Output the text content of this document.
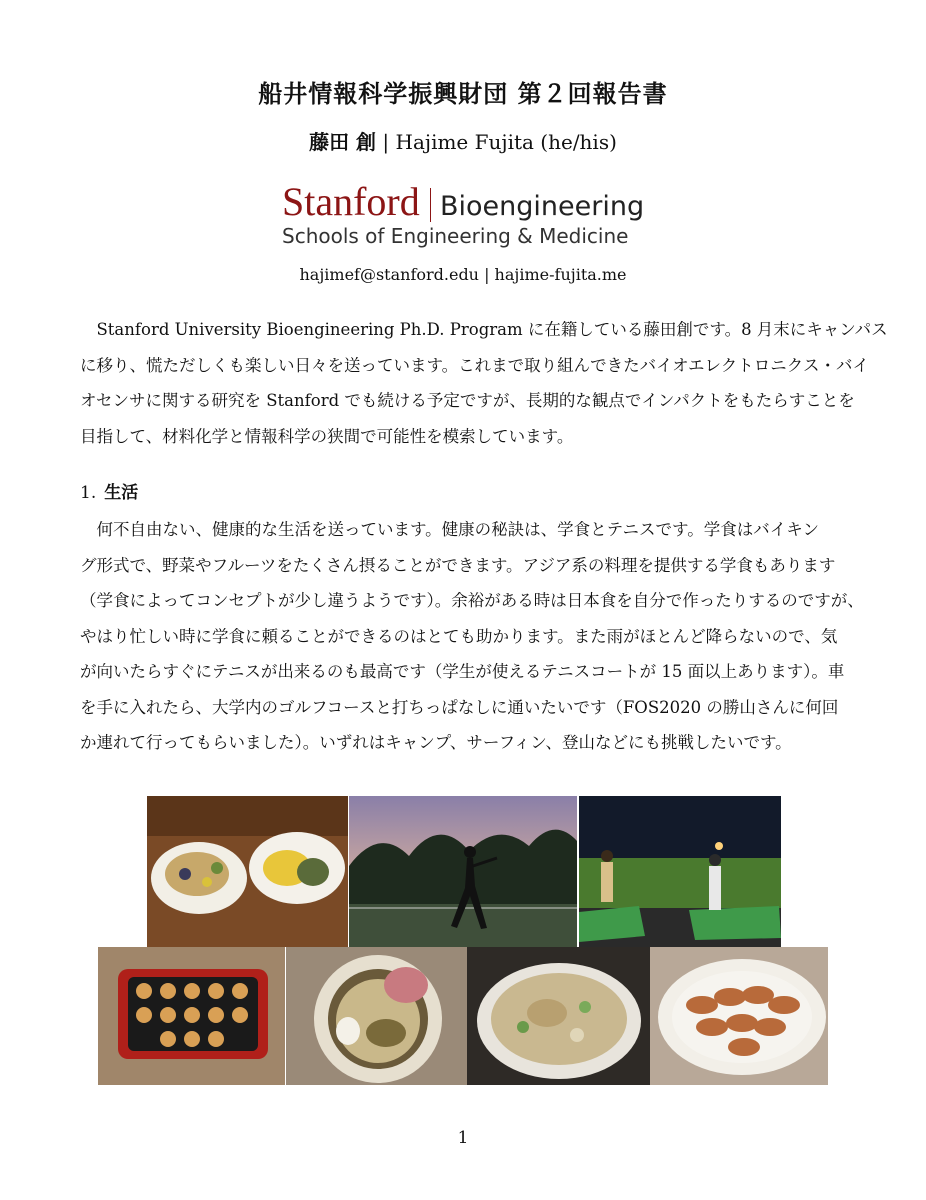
船井情報科学振興財団 第２回報告書
藤田 創 | Hajime Fujita (he/his)
Stanford Bioengineering
Schools of Engineering & Medicine
hajimef@stanford.edu | hajime-fujita.me
　Stanford University Bioengineering Ph.D. Program に在籍している藤田創です。8 月末にキャンパス
に移り、慌ただしくも楽しい日々を送っています。これまで取り組んできたバイオエレクトロニクス・バイ
オセンサに関する研究を Stanford でも続ける予定ですが、長期的な観点でインパクトをもたらすことを
目指して、材料化学と情報科学の狭間で可能性を模索しています。
1. 生活
　何不自由ない、健康的な生活を送っています。健康の秘訣は、学食とテニスです。学食はバイキン
グ形式で、野菜やフルーツをたくさん摂ることができます。アジア系の料理を提供する学食もあります
（学食によってコンセプトが少し違うようです）。余裕がある時は日本食を自分で作ったりするのですが、
やはり忙しい時に学食に頼ることができるのはとても助かります。また雨がほとんど降らないので、気
が向いたらすぐにテニスが出来るのも最高です（学生が使えるテニスコートが 15 面以上あります）。車
を手に入れたら、大学内のゴルフコースと打ちっぱなしに通いたいです（FOS2020 の勝山さんに何回
か連れて行ってもらいました）。いずれはキャンプ、サーフィン、登山などにも挑戦したいです。
1
